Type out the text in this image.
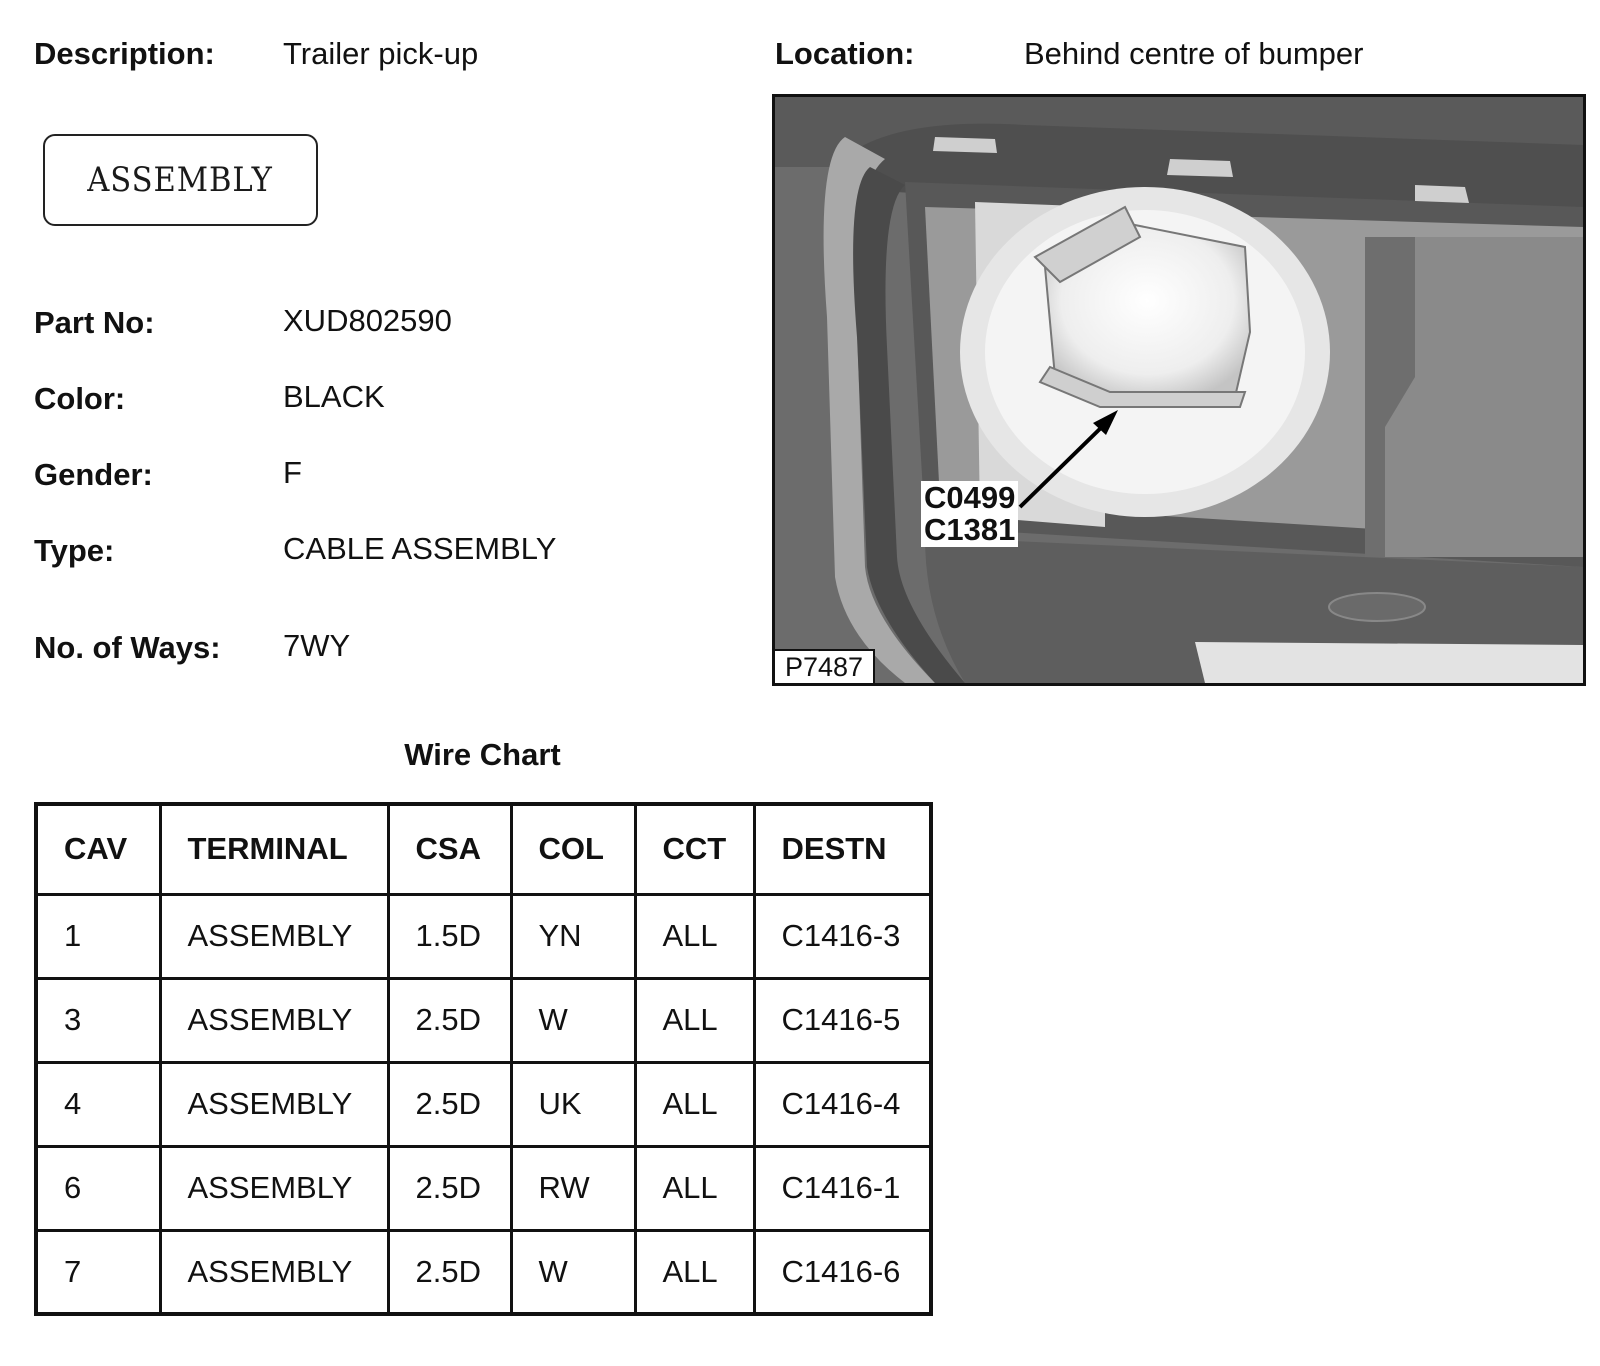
Description: Trailer pick-up	Location:	Behind centre of bumper
ASSEMBLY
Part No:	XUD802590
Color:	BLACK
Gender:	F
Type:	CABLE ASSEMBLY
No. of Ways: 7WY
C0499
C1381
P7487
Wire Chart
CAV	TERMINAL	CSA	COL	CCT	DESTN
1	ASSEMBLY	1.5D	YN	ALL	C1416-3
3	ASSEMBLY	2.5D	W	ALL	C1416-5
4	ASSEMBLY	2.5D	UK	ALL	C1416-4
6	ASSEMBLY	2.5D	RW	ALL	C1416-1
7	ASSEMBLY	2.5D	W	ALL	C1416-6
